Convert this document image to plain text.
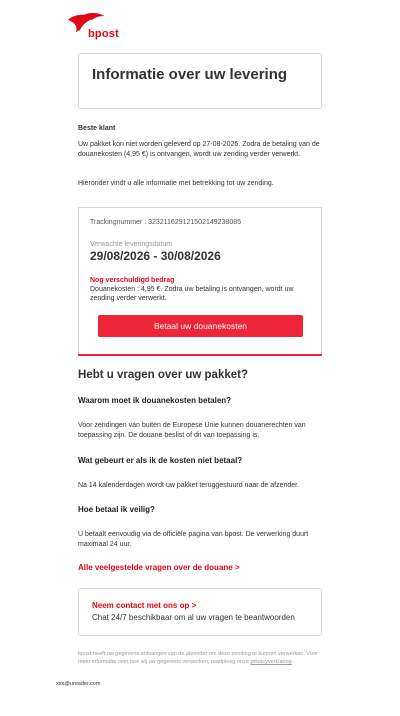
bpost
Informatie over uw levering
Beste klant
Uw pakket kon niet worden geleverd op 27-08-2026. Zodra de betaling van de douanekosten (4,95 €) is ontvangen, wordt uw zending verder verwerkt.
Hieronder vindt u alle informatie met betrekking tot uw zending.
Trackingnummer : 323211629121502149238085
Verwachte leveringsdatum
29/08/2026 - 30/08/2026
Nog verschuldigd bedrag
Douanekosten : 4,95 €. Zodra uw betaling is ontvangen, wordt uw zending verder verwerkt.
Betaal uw douanekosten
Hebt u vragen over uw pakket?
Waarom moet ik douanekosten betalen?
Voor zendingen van buiten de Europese Unie kunnen douanerechten van toepassing zijn. De douane beslist of dit van toepassing is.
Wat gebeurt er als ik de kosten niet betaal?
Na 14 kalenderdagen wordt uw pakket teruggestuurd naar de afzender.
Hoe betaal ik veilig?
U betaalt eenvoudig via de officiële pagina van bpost. De verwerking duurt maximaal 24 uur.
Alle veelgestelde vragen over de douane >
Neem contact met ons op >
Chat 24/7 beschikbaar om al uw vragen te beantwoorden
bpost heeft uw gegevens ontvangen van de afzender om deze zending te kunnen verwerken. Voor meer informatie over hoe wij uw gegevens verwerken, raadpleeg onze privacyverklaring.
xxx@ureader.com
